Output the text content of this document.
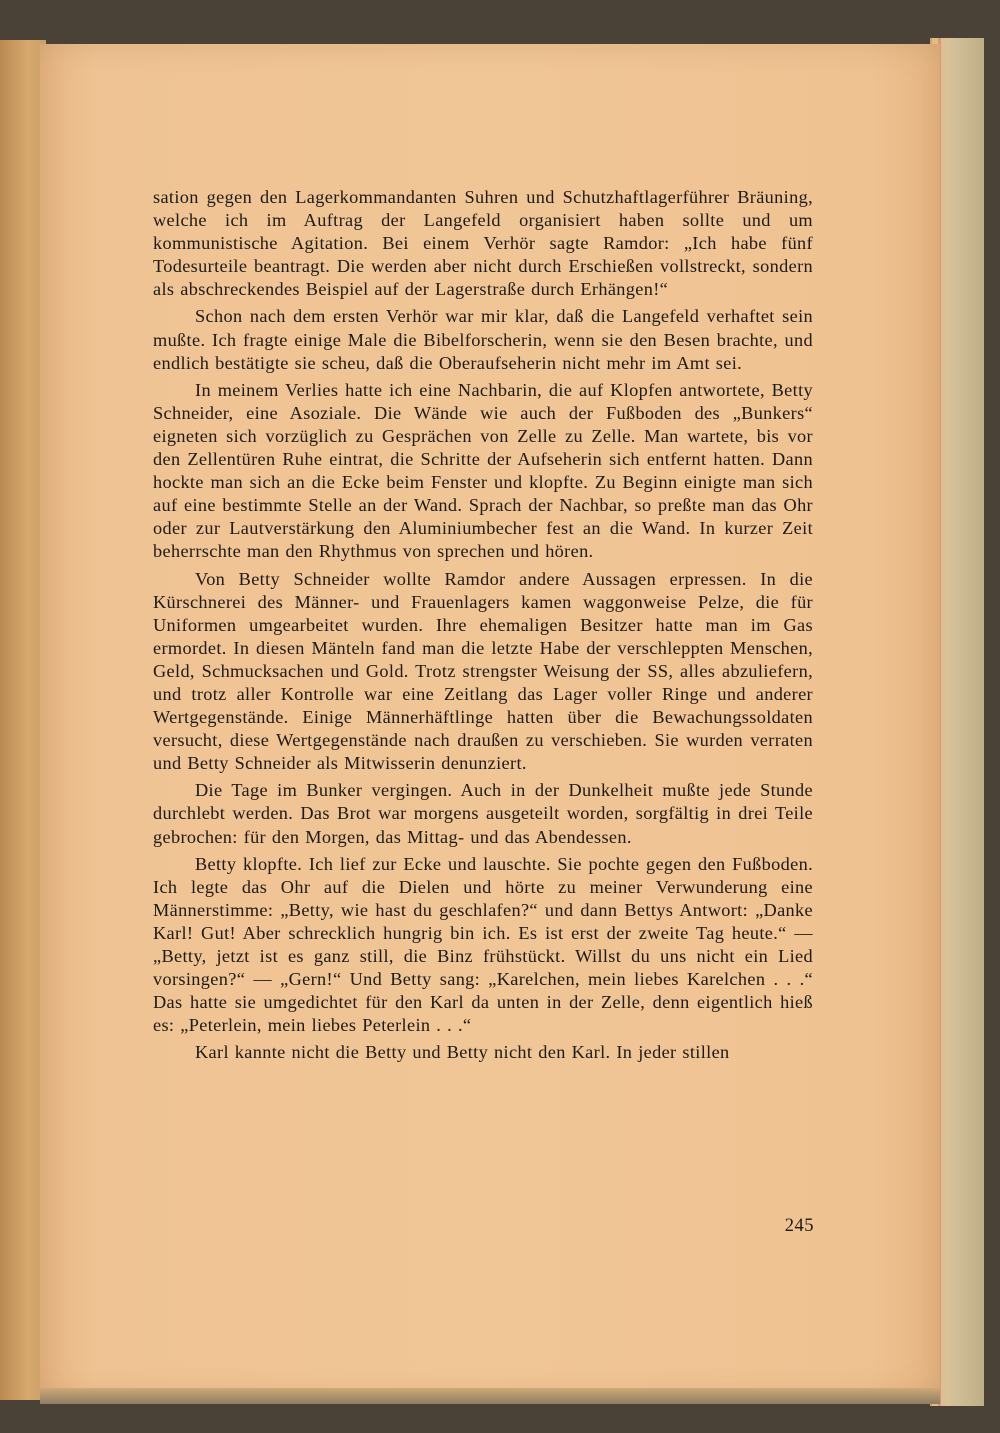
sation gegen den Lagerkommandanten Suhren und Schutzhaftlagerführer Bräuning, welche ich im Auftrag der Langefeld organisiert haben sollte und um kommunistische Agitation. Bei einem Verhör sagte Ramdor: „Ich habe fünf Todesurteile beantragt. Die werden aber nicht durch Erschießen vollstreckt, sondern als abschreckendes Beispiel auf der Lagerstraße durch Erhängen!“

Schon nach dem ersten Verhör war mir klar, daß die Langefeld verhaftet sein mußte. Ich fragte einige Male die Bibelforscherin, wenn sie den Besen brachte, und endlich bestätigte sie scheu, daß die Oberaufseherin nicht mehr im Amt sei.

In meinem Verlies hatte ich eine Nachbarin, die auf Klopfen antwortete, Betty Schneider, eine Asoziale. Die Wände wie auch der Fußboden des „Bunkers“ eigneten sich vorzüglich zu Gesprächen von Zelle zu Zelle. Man wartete, bis vor den Zellentüren Ruhe eintrat, die Schritte der Aufseherin sich entfernt hatten. Dann hockte man sich an die Ecke beim Fenster und klopfte. Zu Beginn einigte man sich auf eine bestimmte Stelle an der Wand. Sprach der Nachbar, so preßte man das Ohr oder zur Lautverstärkung den Aluminiumbecher fest an die Wand. In kurzer Zeit beherrschte man den Rhythmus von sprechen und hören.

Von Betty Schneider wollte Ramdor andere Aussagen erpressen. In die Kürschnerei des Männer- und Frauenlagers kamen waggonweise Pelze, die für Uniformen umgearbeitet wurden. Ihre ehemaligen Besitzer hatte man im Gas ermordet. In diesen Mänteln fand man die letzte Habe der verschleppten Menschen, Geld, Schmucksachen und Gold. Trotz strengster Weisung der SS, alles abzuliefern, und trotz aller Kontrolle war eine Zeitlang das Lager voller Ringe und anderer Wertgegenstände. Einige Männerhäftlinge hatten über die Bewachungssoldaten versucht, diese Wertgegenstände nach draußen zu verschieben. Sie wurden verraten und Betty Schneider als Mitwisserin denunziert.

Die Tage im Bunker vergingen. Auch in der Dunkelheit mußte jede Stunde durchlebt werden. Das Brot war morgens ausgeteilt worden, sorgfältig in drei Teile gebrochen: für den Morgen, das Mittag- und das Abendessen.

Betty klopfte. Ich lief zur Ecke und lauschte. Sie pochte gegen den Fußboden. Ich legte das Ohr auf die Dielen und hörte zu meiner Verwunderung eine Männerstimme: „Betty, wie hast du geschlafen?“ und dann Bettys Antwort: „Danke Karl! Gut! Aber schrecklich hungrig bin ich. Es ist erst der zweite Tag heute.“ — „Betty, jetzt ist es ganz still, die Binz frühstückt. Willst du uns nicht ein Lied vorsingen?“ — „Gern!“ Und Betty sang: „Karelchen, mein liebes Karelchen . . .“ Das hatte sie umgedichtet für den Karl da unten in der Zelle, denn eigentlich hieß es: „Peterlein, mein liebes Peterlein . . .“

Karl kannte nicht die Betty und Betty nicht den Karl. In jeder stillen

245
